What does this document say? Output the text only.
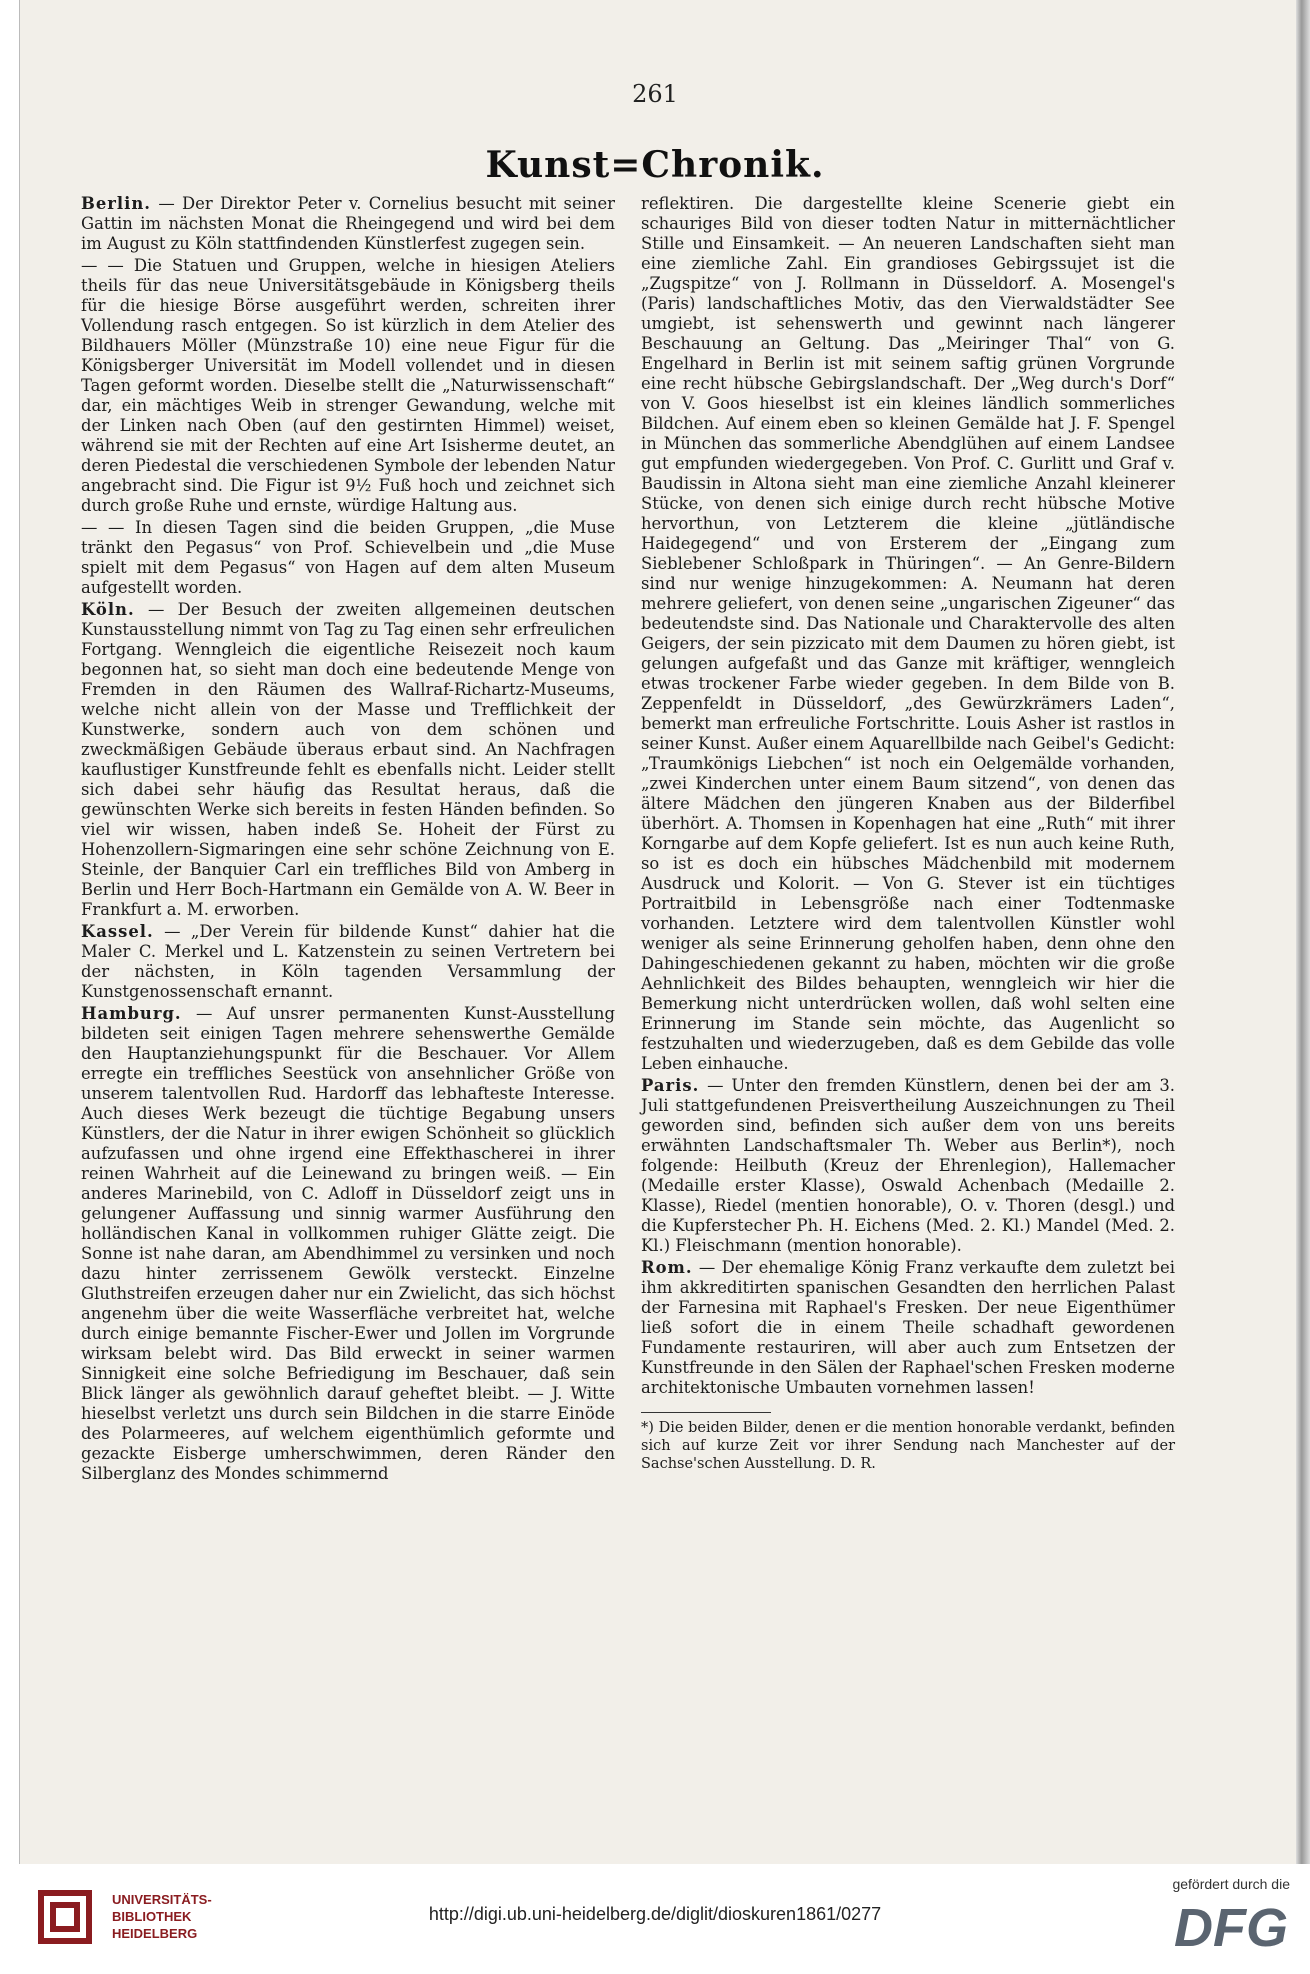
261
Kunst=Chronik.

Berlin. — Der Direktor Peter v. Cornelius besucht mit seiner Gattin im nächsten Monat die Rheingegend und wird bei dem im August zu Köln stattfindenden Künstlerfest zugegen sein.

— — Die Statuen und Gruppen, welche in hiesigen Ateliers theils für das neue Universitätsgebäude in Königsberg theils für die hiesige Börse ausgeführt werden, schreiten ihrer Vollendung rasch entgegen. So ist kürzlich in dem Atelier des Bildhauers Möller (Münzstraße 10) eine neue Figur für die Königsberger Universität im Modell vollendet und in diesen Tagen geformt worden. Dieselbe stellt die „Naturwissenschaft“ dar, ein mächtiges Weib in strenger Gewandung, welche mit der Linken nach Oben (auf den gestirnten Himmel) weiset, während sie mit der Rechten auf eine Art Isisherme deutet, an deren Piedestal die verschiedenen Symbole der lebenden Natur angebracht sind. Die Figur ist 9½ Fuß hoch und zeichnet sich durch große Ruhe und ernste, würdige Haltung aus.

— — In diesen Tagen sind die beiden Gruppen, „die Muse tränkt den Pegasus“ von Prof. Schievelbein und „die Muse spielt mit dem Pegasus“ von Hagen auf dem alten Museum aufgestellt worden.

Köln. — Der Besuch der zweiten allgemeinen deutschen Kunstausstellung nimmt von Tag zu Tag einen sehr erfreulichen Fortgang. Wenngleich die eigentliche Reisezeit noch kaum begonnen hat, so sieht man doch eine bedeutende Menge von Fremden in den Räumen des Wallraf-Richartz-Museums, welche nicht allein von der Masse und Trefflichkeit der Kunstwerke, sondern auch von dem schönen und zweckmäßigen Gebäude überaus erbaut sind. An Nachfragen kauflustiger Kunstfreunde fehlt es ebenfalls nicht. Leider stellt sich dabei sehr häufig das Resultat heraus, daß die gewünschten Werke sich bereits in festen Händen befinden. So viel wir wissen, haben indeß Se. Hoheit der Fürst zu Hohenzollern-Sigmaringen eine sehr schöne Zeichnung von E. Steinle, der Banquier Carl ein treffliches Bild von Amberg in Berlin und Herr Boch-Hartmann ein Gemälde von A. W. Beer in Frankfurt a. M. erworben.

Kassel. — „Der Verein für bildende Kunst“ dahier hat die Maler C. Merkel und L. Katzenstein zu seinen Vertretern bei der nächsten, in Köln tagenden Versammlung der Kunstgenossenschaft ernannt.

Hamburg. — Auf unsrer permanenten Kunst-Ausstellung bildeten seit einigen Tagen mehrere sehenswerthe Gemälde den Hauptanziehungspunkt für die Beschauer. Vor Allem erregte ein treffliches Seestück von ansehnlicher Größe von unserem talentvollen Rud. Hardorff das lebhafteste Interesse. Auch dieses Werk bezeugt die tüchtige Begabung unsers Künstlers, der die Natur in ihrer ewigen Schönheit so glücklich aufzufassen und ohne irgend eine Effekthascherei in ihrer reinen Wahrheit auf die Leinewand zu bringen weiß. — Ein anderes Marinebild, von C. Adloff in Düsseldorf zeigt uns in gelungener Auffassung und sinnig warmer Ausführung den holländischen Kanal in vollkommen ruhiger Glätte zeigt. Die Sonne ist nahe daran, am Abendhimmel zu versinken und noch dazu hinter zerrissenem Gewölk versteckt. Einzelne Gluthstreifen erzeugen daher nur ein Zwielicht, das sich höchst angenehm über die weite Wasserfläche verbreitet hat, welche durch einige bemannte Fischer-Ewer und Jollen im Vorgrunde wirksam belebt wird. Das Bild erweckt in seiner warmen Sinnigkeit eine solche Befriedigung im Beschauer, daß sein Blick länger als gewöhnlich darauf geheftet bleibt. — J. Witte hieselbst verletzt uns durch sein Bildchen in die starre Einöde des Polarmeeres, auf welchem eigenthümlich geformte und gezackte Eisberge umherschwimmen, deren Ränder den Silberglanz des Mondes schimmernd

reflektiren. Die dargestellte kleine Scenerie giebt ein schauriges Bild von dieser todten Natur in mitternächtlicher Stille und Einsamkeit. — An neueren Landschaften sieht man eine ziemliche Zahl. Ein grandioses Gebirgssujet ist die „Zugspitze“ von J. Rollmann in Düsseldorf. A. Mosengel's (Paris) landschaftliches Motiv, das den Vierwaldstädter See umgiebt, ist sehenswerth und gewinnt nach längerer Beschauung an Geltung. Das „Meiringer Thal“ von G. Engelhard in Berlin ist mit seinem saftig grünen Vorgrunde eine recht hübsche Gebirgslandschaft. Der „Weg durch's Dorf“ von V. Goos hieselbst ist ein kleines ländlich sommerliches Bildchen. Auf einem eben so kleinen Gemälde hat J. F. Spengel in München das sommerliche Abendglühen auf einem Landsee gut empfunden wiedergegeben. Von Prof. C. Gurlitt und Graf v. Baudissin in Altona sieht man eine ziemliche Anzahl kleinerer Stücke, von denen sich einige durch recht hübsche Motive hervorthun, von Letzterem die kleine „jütländische Haidegegend“ und von Ersterem der „Eingang zum Sieblebener Schloßpark in Thüringen“. — An Genre-Bildern sind nur wenige hinzugekommen: A. Neumann hat deren mehrere geliefert, von denen seine „ungarischen Zigeuner“ das bedeutendste sind. Das Nationale und Charaktervolle des alten Geigers, der sein pizzicato mit dem Daumen zu hören giebt, ist gelungen aufgefaßt und das Ganze mit kräftiger, wenngleich etwas trockener Farbe wieder gegeben. In dem Bilde von B. Zeppenfeldt in Düsseldorf, „des Gewürzkrämers Laden“, bemerkt man erfreuliche Fortschritte. Louis Asher ist rastlos in seiner Kunst. Außer einem Aquarellbilde nach Geibel's Gedicht: „Traumkönigs Liebchen“ ist noch ein Oelgemälde vorhanden, „zwei Kinderchen unter einem Baum sitzend“, von denen das ältere Mädchen den jüngeren Knaben aus der Bilderfibel überhört. A. Thomsen in Kopenhagen hat eine „Ruth“ mit ihrer Korngarbe auf dem Kopfe geliefert. Ist es nun auch keine Ruth, so ist es doch ein hübsches Mädchenbild mit modernem Ausdruck und Kolorit. — Von G. Stever ist ein tüchtiges Portraitbild in Lebensgröße nach einer Todtenmaske vorhanden. Letztere wird dem talentvollen Künstler wohl weniger als seine Erinnerung geholfen haben, denn ohne den Dahingeschiedenen gekannt zu haben, möchten wir die große Aehnlichkeit des Bildes behaupten, wenngleich wir hier die Bemerkung nicht unterdrücken wollen, daß wohl selten eine Erinnerung im Stande sein möchte, das Augenlicht so festzuhalten und wiederzugeben, daß es dem Gebilde das volle Leben einhauche.

Paris. — Unter den fremden Künstlern, denen bei der am 3. Juli stattgefundenen Preisvertheilung Auszeichnungen zu Theil geworden sind, befinden sich außer dem von uns bereits erwähnten Landschaftsmaler Th. Weber aus Berlin*), noch folgende: Heilbuth (Kreuz der Ehrenlegion), Hallemacher (Medaille erster Klasse), Oswald Achenbach (Medaille 2. Klasse), Riedel (mentien honorable), O. v. Thoren (desgl.) und die Kupferstecher Ph. H. Eichens (Med. 2. Kl.) Mandel (Med. 2. Kl.) Fleischmann (mention honorable).

Rom. — Der ehemalige König Franz verkaufte dem zuletzt bei ihm akkreditirten spanischen Gesandten den herrlichen Palast der Farnesina mit Raphael's Fresken. Der neue Eigenthümer ließ sofort die in einem Theile schadhaft gewordenen Fundamente restauriren, will aber auch zum Entsetzen der Kunstfreunde in den Sälen der Raphael'schen Fresken moderne architektonische Umbauten vornehmen lassen!

*) Die beiden Bilder, denen er die mention honorable verdankt, befinden sich auf kurze Zeit vor ihrer Sendung nach Manchester auf der Sachse'schen Ausstellung. D. R.
UNIVERSITÄTS-
BIBLIOTHEK
HEIDELBERG
http://digi.ub.uni-heidelberg.de/diglit/dioskuren1861/0277
gefördert durch die
DFG
